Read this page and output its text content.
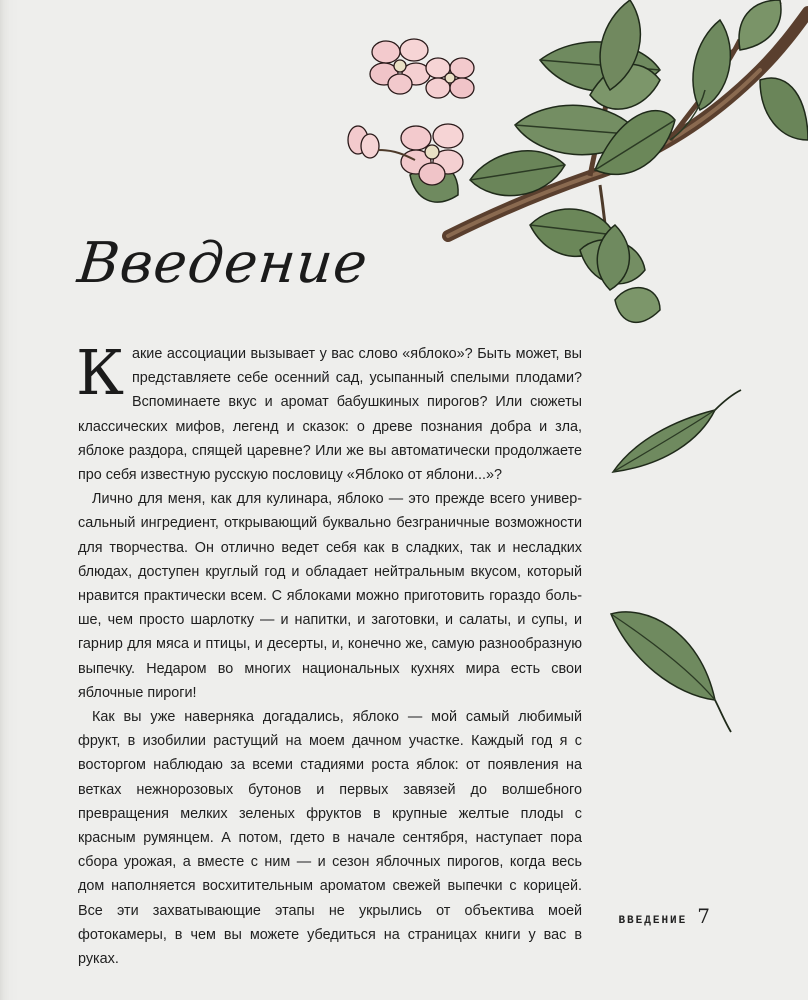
Введение

Какие ассоциации вызывает у вас слово «яблоко»? Быть может, вы представляете себе осенний сад, усыпанный спелыми плодами? Вспоминаете вкус и аромат бабушкиных пирогов? Или сюжеты классических мифов, легенд и сказок: о древе познания добра и зла, яблоке раздора, спящей царевне? Или же вы автоматически продолжаете про себя известную русскую пословицу «Яблоко от яблони...»?

Лично для меня, как для кулинара, яблоко — это прежде всего универсальный ингредиент, открывающий буквально безграничные возможности для творчества. Он отлично ведет себя как в сладких, так и несладких блюдах, доступен круглый год и обладает нейтральным вкусом, который нравится практически всем. С яблоками можно приготовить гораздо больше, чем просто шарлотку — и напитки, и заготовки, и салаты, и супы, и гарнир для мяса и птицы, и десерты, и, конечно же, самую разнообразную выпечку. Недаром во многих национальных кухнях мира есть свои яблочные пироги!

Как вы уже наверняка догадались, яблоко — мой самый любимый фрукт, в изобилии растущий на моем дачном участке. Каждый год я с восторгом наблюдаю за всеми стадиями роста яблок: от появления на ветках нежнорозовых бутонов и первых завязей до волшебного превращения мелких зеленых фруктов в крупные желтые плоды с красным румянцем. А потом, гдето в начале сентября, наступает пора сбора урожая, а вместе с ним — и сезон яблочных пирогов, когда весь дом наполняется восхитительным ароматом свежей выпечки с корицей. Все эти захватывающие этапы не укрылись от объектива моей фотокамеры, в чем вы можете убедиться на страницах книги у вас в руках.

ВВЕДЕНИЕ 7
